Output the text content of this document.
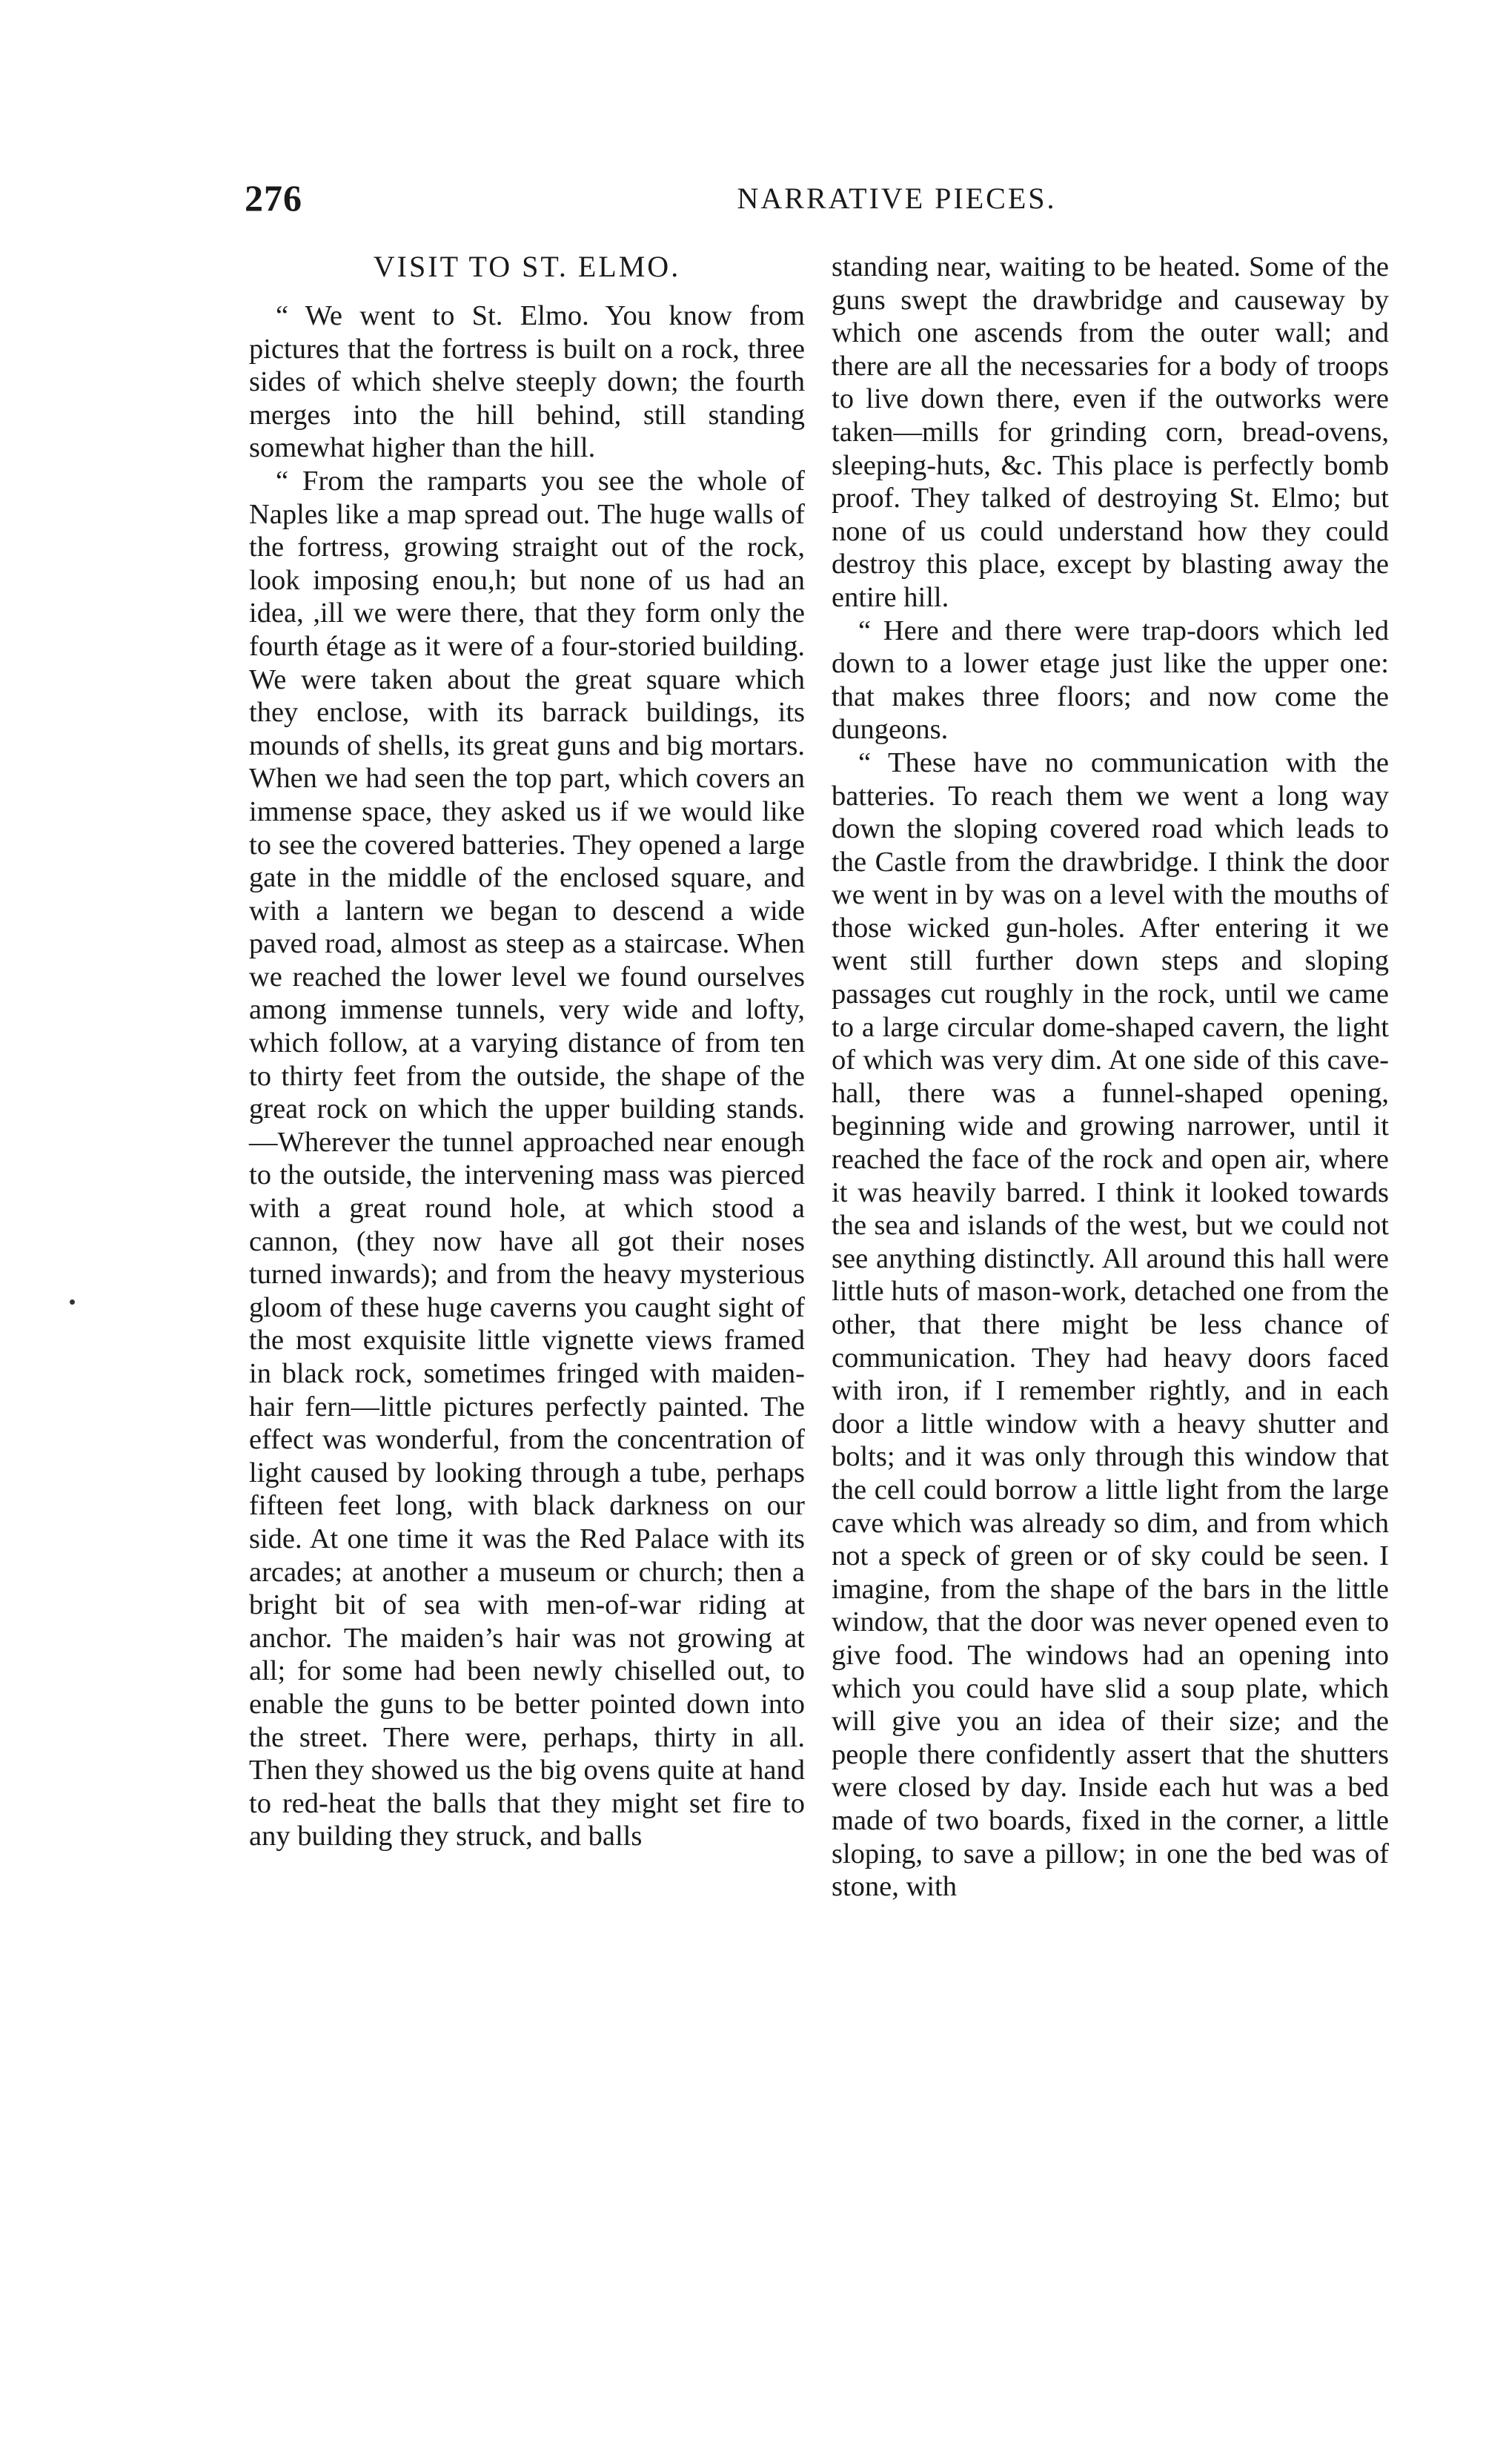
276	NARRATIVE PIECES.
VISIT TO ST. ELMO.

“ We went to St. Elmo. You know from pictures that the fortress is built on a rock, three sides of which shelve steeply down; the fourth merges into the hill behind, still standing somewhat higher than the hill.

“ From the ramparts you see the whole of Naples like a map spread out. The huge walls of the fortress, growing straight out of the rock, look imposing enou,h; but none of us had an idea, ,ill we were there, that they form only the fourth étage as it were of a four-storied building. We were taken about the great square which they enclose, with its barrack buildings, its mounds of shells, its great guns and big mortars. When we had seen the top part, which covers an immense space, they asked us if we would like to see the covered batteries. They opened a large gate in the middle of the enclosed square, and with a lantern we began to descend a wide paved road, almost as steep as a staircase. When we reached the lower level we found ourselves among immense tunnels, very wide and lofty, which follow, at a varying distance of from ten to thirty feet from the outside, the shape of the great rock on which the upper building stands.—Wherever the tunnel approached near enough to the outside, the intervening mass was pierced with a great round hole, at which stood a cannon, (they now have all got their noses turned inwards); and from the heavy mysterious gloom of these huge caverns you caught sight of the most exquisite little vignette views framed in black rock, sometimes fringed with maiden-hair fern—little pictures perfectly painted. The effect was wonderful, from the concentration of light caused by looking through a tube, perhaps fifteen feet long, with black darkness on our side. At one time it was the Red Palace with its arcades; at another a museum or church; then a bright bit of sea with men-of-war riding at anchor. The maiden’s hair was not growing at all; for some had been newly chiselled out, to enable the guns to be better pointed down into the street. There were, perhaps, thirty in all. Then they showed us the big ovens quite at hand to red-heat the balls that they might set fire to any building they struck, and balls

standing near, waiting to be heated. Some of the guns swept the drawbridge and causeway by which one ascends from the outer wall; and there are all the necessaries for a body of troops to live down there, even if the outworks were taken—mills for grinding corn, bread-ovens, sleeping-huts, &c. This place is perfectly bomb proof. They talked of destroying St. Elmo; but none of us could understand how they could destroy this place, except by blasting away the entire hill.

“ Here and there were trap-doors which led down to a lower etage just like the upper one: that makes three floors; and now come the dungeons.

“ These have no communication with the batteries. To reach them we went a long way down the sloping covered road which leads to the Castle from the drawbridge. I think the door we went in by was on a level with the mouths of those wicked gun-holes. After entering it we went still further down steps and sloping passages cut roughly in the rock, until we came to a large circular dome-shaped cavern, the light of which was very dim. At one side of this cave-hall, there was a funnel-shaped opening, beginning wide and growing narrower, until it reached the face of the rock and open air, where it was heavily barred. I think it looked towards the sea and islands of the west, but we could not see anything distinctly. All around this hall were little huts of mason-work, detached one from the other, that there might be less chance of communication. They had heavy doors faced with iron, if I remember rightly, and in each door a little window with a heavy shutter and bolts; and it was only through this window that the cell could borrow a little light from the large cave which was already so dim, and from which not a speck of green or of sky could be seen. I imagine, from the shape of the bars in the little window, that the door was never opened even to give food. The windows had an opening into which you could have slid a soup plate, which will give you an idea of their size; and the people there confidently assert that the shutters were closed by day. Inside each hut was a bed made of two boards, fixed in the corner, a little sloping, to save a pillow; in one the bed was of stone, with
